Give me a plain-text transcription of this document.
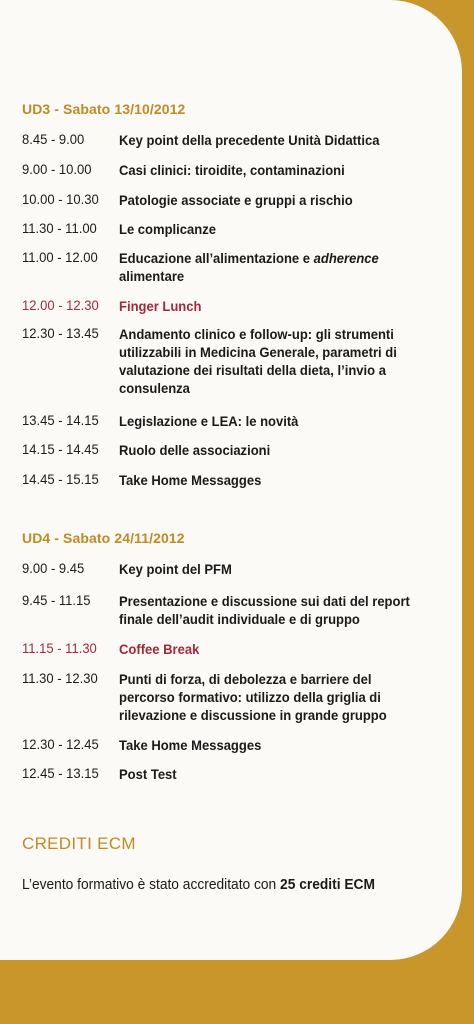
UD3 - Sabato 13/10/2012
8.45 - 9.00	Key point della precedente Unità Didattica
9.00 - 10.00	Casi clinici: tiroidite, contaminazioni
10.00 - 10.30	Patologie associate e gruppi a rischio
11.30 - 11.00	Le complicanze
11.00 - 12.00	Educazione all’alimentazione e adherence alimentare
12.00 - 12.30	Finger Lunch
12.30 - 13.45	Andamento clinico e follow-up: gli strumenti utilizzabili in Medicina Generale, parametri di valutazione dei risultati della dieta, l’invio a consulenza
13.45 - 14.15	Legislazione e LEA: le novità
14.15 - 14.45	Ruolo delle associazioni
14.45 - 15.15	Take Home Messagges
UD4 - Sabato 24/11/2012
9.00 - 9.45	Key point del PFM
9.45 - 11.15	Presentazione e discussione sui dati del report finale dell’audit individuale e di gruppo
11.15 - 11.30	Coffee Break
11.30 - 12.30	Punti di forza, di debolezza e barriere del percorso formativo: utilizzo della griglia di rilevazione e discussione in grande gruppo
12.30 - 12.45	Take Home Messagges
12.45 - 13.15	Post Test
CREDITI ECM
L’evento formativo è stato accreditato con 25 crediti ECM
